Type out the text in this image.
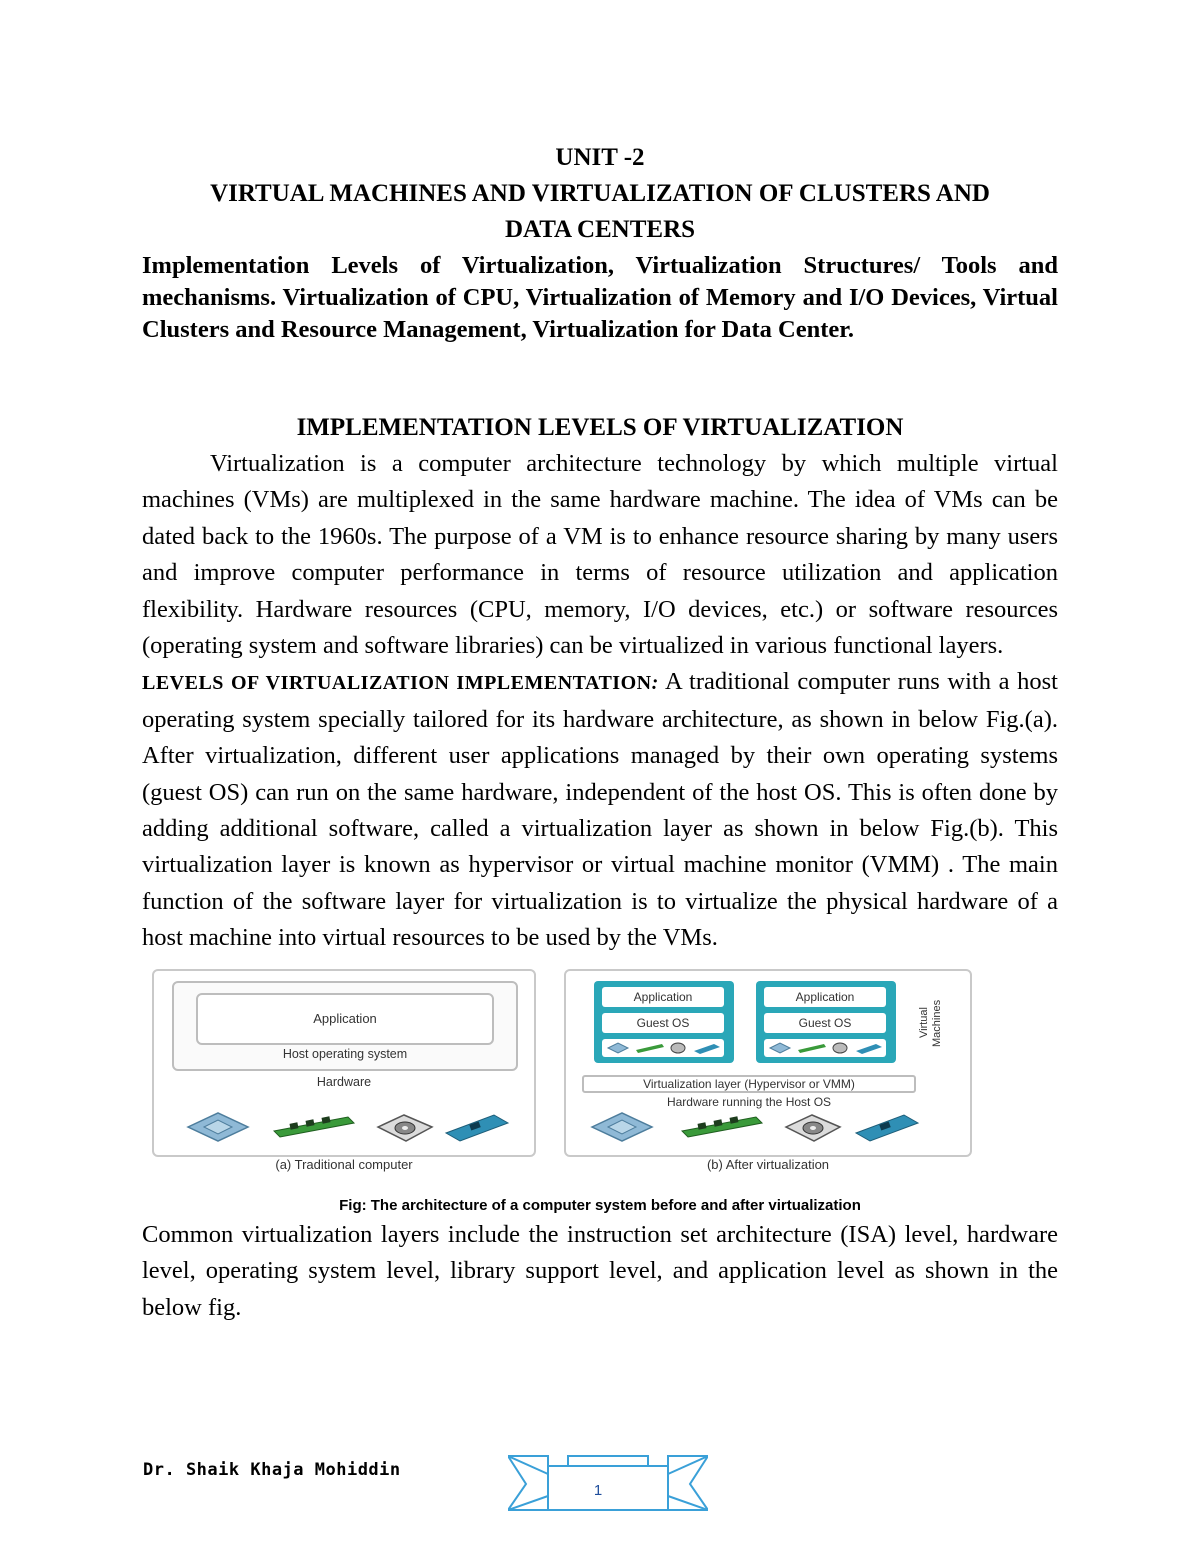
UNIT -2
VIRTUAL MACHINES AND VIRTUALIZATION OF CLUSTERS AND
DATA CENTERS
Implementation Levels of Virtualization, Virtualization Structures/ Tools and mechanisms. Virtualization of CPU, Virtualization of Memory and I/O Devices, Virtual Clusters and Resource Management, Virtualization for Data Center.
IMPLEMENTATION LEVELS OF VIRTUALIZATION

Virtualization is a computer architecture technology by which multiple virtual machines (VMs) are multiplexed in the same hardware machine. The idea of VMs can be dated back to the 1960s. The purpose of a VM is to enhance resource sharing by many users and improve computer performance in terms of resource utilization and application flexibility. Hardware resources (CPU, memory, I/O devices, etc.) or software resources (operating system and software libraries) can be virtualized in various functional layers.

LEVELS OF VIRTUALIZATION IMPLEMENTATION: A traditional computer runs with a host operating system specially tailored for its hardware architecture, as shown in below Fig.(a). After virtualization, different user applications managed by their own operating systems (guest OS) can run on the same hardware, independent of the host OS. This is often done by adding additional software, called a virtualization layer as shown in below Fig.(b). This virtualization layer is known as hypervisor or virtual machine monitor (VMM) . The main function of the software layer for virtualization is to virtualize the physical hardware of a host machine into virtual resources to be used by the VMs.

Application
Host operating system
Hardware
(a) Traditional computer
Application
Guest OS
Application
Guest OS	Virtual Machines
Virtualization layer (Hypervisor or VMM)
Hardware running the Host OS
(b) After virtualization
Fig: The architecture of a computer system before and after virtualization

Common virtualization layers include the instruction set architecture (ISA) level, hardware level, operating system level, library support level, and application level as shown in the below fig.

Dr. Shaik Khaja Mohiddin
1
